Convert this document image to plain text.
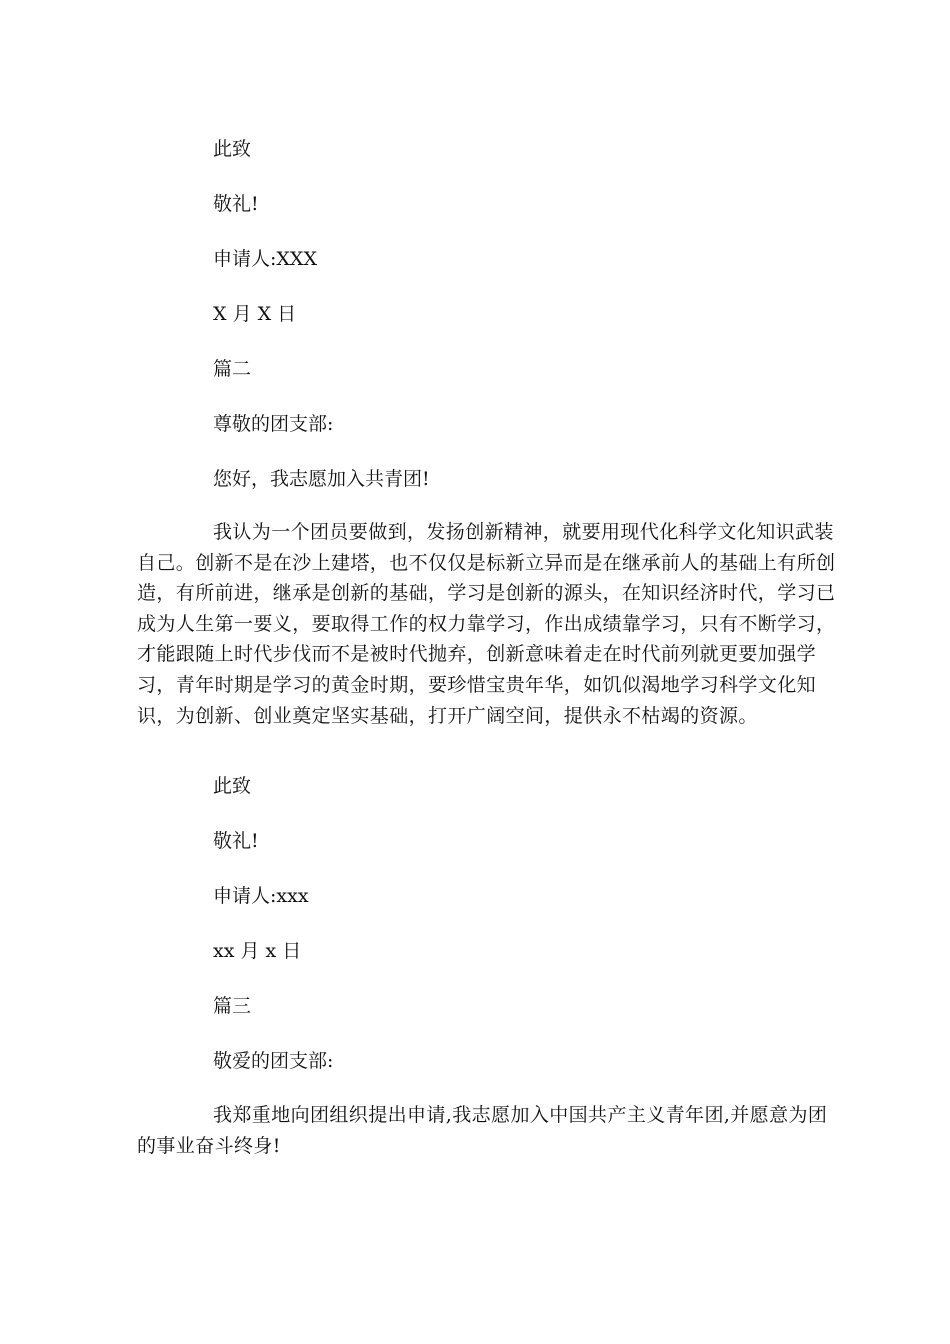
此致
敬礼!
申请人:XXX
X 月 X 日
篇二
尊敬的团支部:
您好，我志愿加入共青团!
我认为一个团员要做到，发扬创新精神，就要用现代化科学文化知识武装自己。创新不是在沙上建塔，也不仅仅是标新立异而是在继承前人的基础上有所创造，有所前进，继承是创新的基础，学习是创新的源头，在知识经济时代，学习已成为人生第一要义，要取得工作的权力靠学习，作出成绩靠学习，只有不断学习，才能跟随上时代步伐而不是被时代抛弃，创新意味着走在时代前列就更要加强学习，青年时期是学习的黄金时期，要珍惜宝贵年华，如饥似渴地学习科学文化知识，为创新、创业奠定坚实基础，打开广阔空间，提供永不枯竭的资源。
此致
敬礼!
申请人:xxx
xx 月 x 日
篇三
敬爱的团支部:
我郑重地向团组织提出申请,我志愿加入中国共产主义青年团,并愿意为团的事业奋斗终身!
